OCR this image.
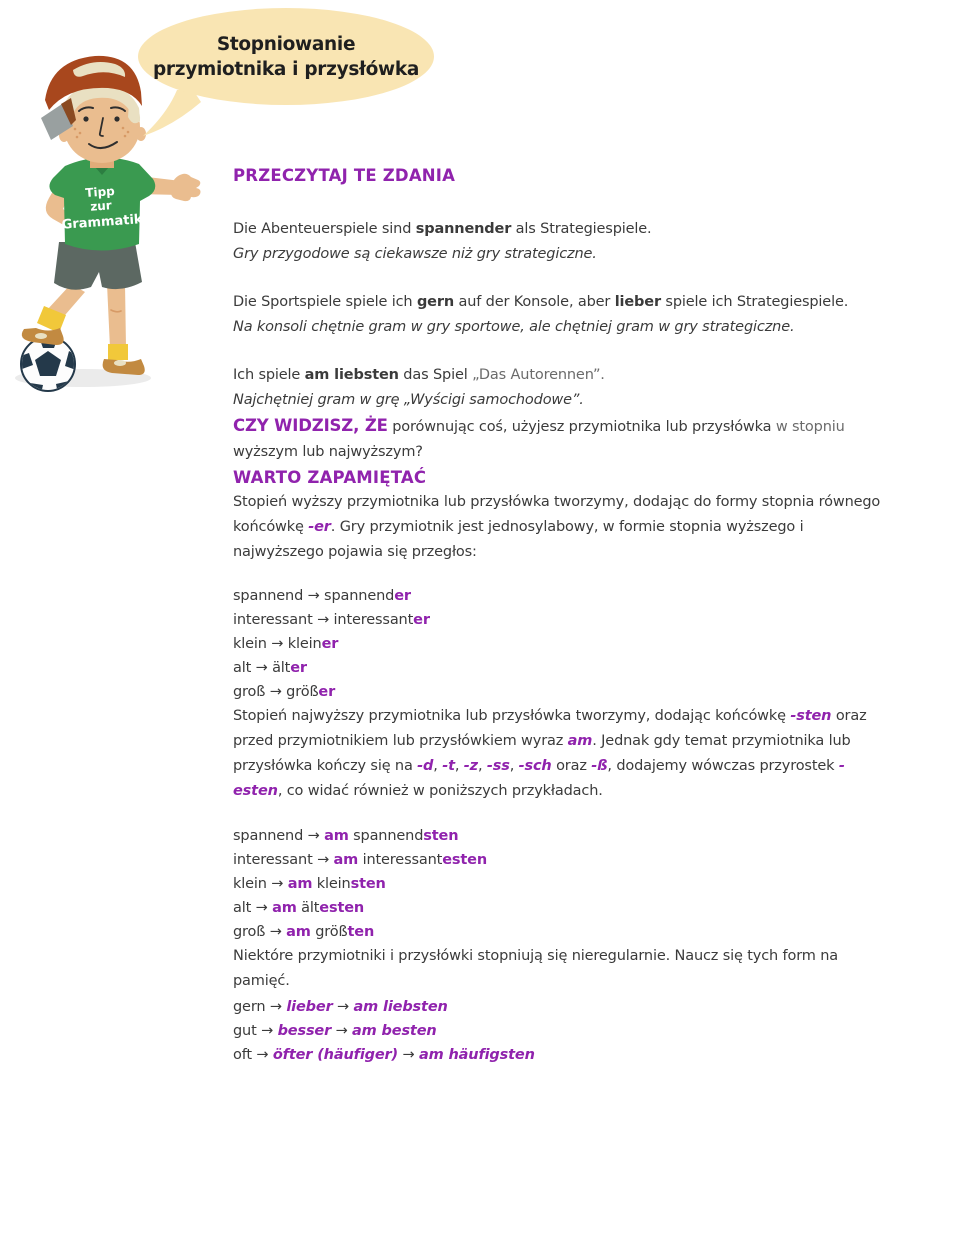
Tipp
zur
Grammatik
Stopniowanie
przymiotnika i przysłówka
PRZECZYTAJ TE ZDANIA

Die Abenteuerspiele sind spannender als Strategiespiele.

Gry przygodowe są ciekawsze niż gry strategiczne.

Die Sportspiele spiele ich gern auf der Konsole, aber lieber spiele ich Strategiespiele.

Na konsoli chętnie gram w gry sportowe, ale chętniej gram w gry strategiczne.

Ich spiele am liebsten das Spiel „Das Autorennen”.

Najchętniej gram w grę „Wyścigi samochodowe”.

CZY WIDZISZ, ŻE porównując coś, użyjesz przymiotnika lub przysłówka w stopniu wyższym lub najwyższym?

WARTO ZAPAMIĘTAĆ

Stopień wyższy przymiotnika lub przysłówka tworzymy, dodając do formy stopnia równego końcówkę -er. Gry przymiotnik jest jednosylabowy, w formie stopnia wyższego i najwyższego pojawia się przegłos:

spannend → spannender

interessant → interessanter

klein → kleiner

alt → älter

groß → größer

Stopień najwyższy przymiotnika lub przysłówka tworzymy, dodając końcówkę -sten oraz przed przymiotnikiem lub przysłówkiem wyraz am. Jednak gdy temat przymiotnika lub przysłówka kończy się na -d, -t, -z, -ss, -sch oraz -ß, dodajemy wówczas przyrostek -esten, co widać również w poniższych przykładach.

spannend → am spannendsten

interessant → am interessantesten

klein → am kleinsten

alt → am ältesten

groß → am größten

Niektóre przymiotniki i przysłówki stopniują się nieregularnie. Naucz się tych form na pamięć.

gern → lieber → am liebsten

gut → besser → am besten

oft → öfter (häufiger) → am häufigsten
